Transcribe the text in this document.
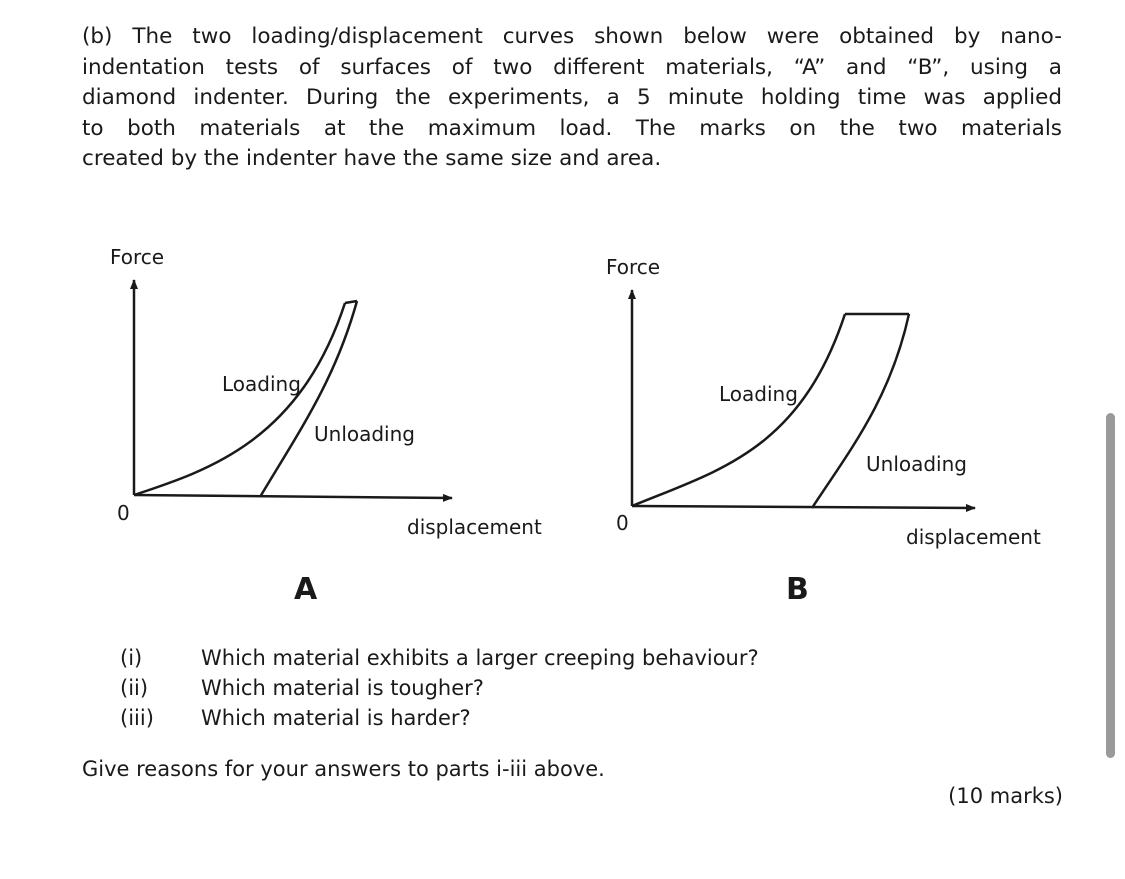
(b) The two loading/displacement curves shown below were obtained by nano-
indentation tests of surfaces of two different materials, “A” and “B”, using a
diamond indenter. During the experiments, a 5 minute holding time was applied
to both materials at the maximum load. The marks on the two materials
created by the indenter have the same size and area.

Force
0
displacement
Loading
Unloading
A
Force
0
displacement
Loading
Unloading
B
(i)	Which material exhibits a larger creeping behaviour?
(ii)	Which material is tougher?
(iii) Which material is harder?
Give reasons for your answers to parts i-iii above.
(10 marks)
